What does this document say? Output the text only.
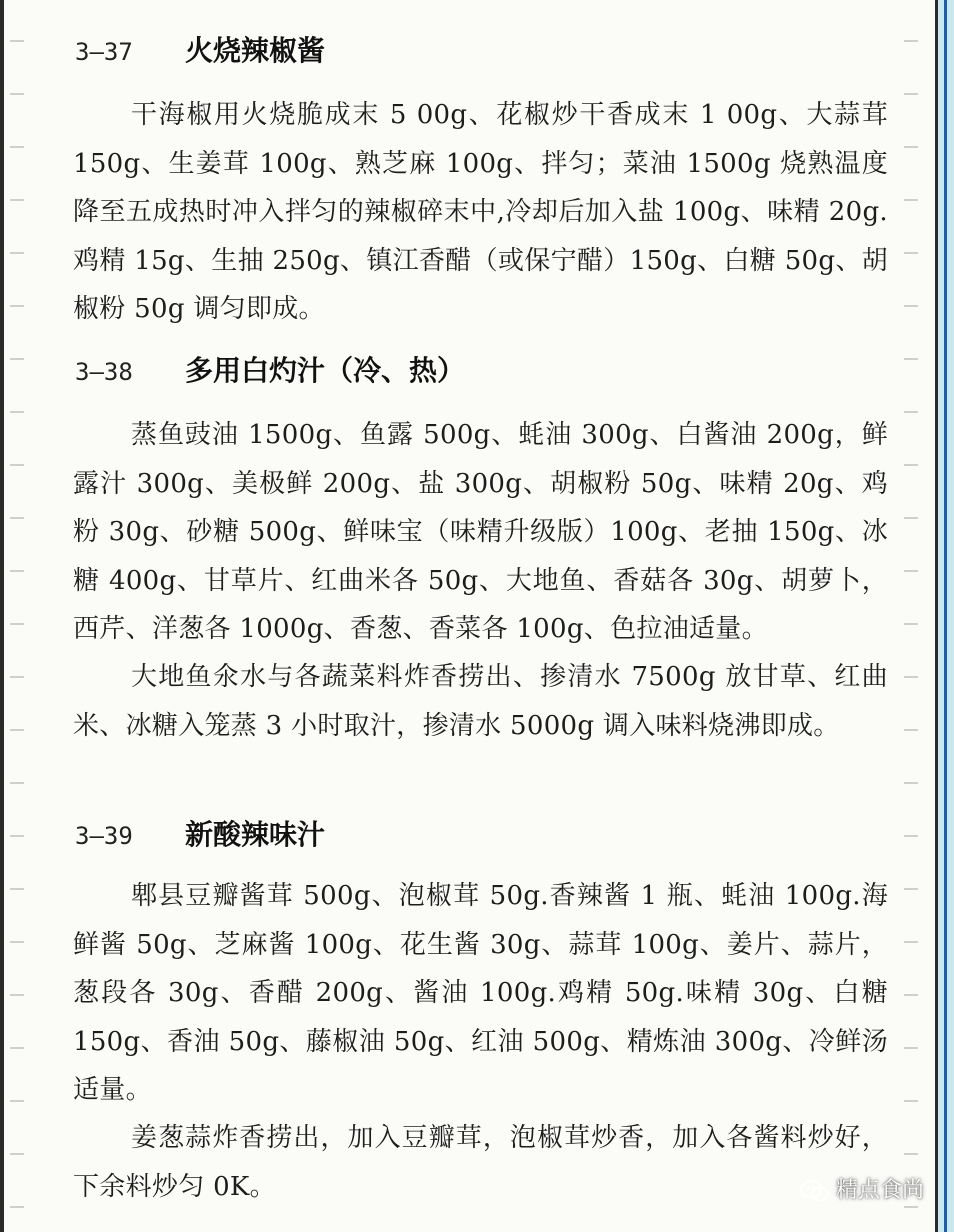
3—37 火烧辣椒酱

干海椒用火烧脆成末 5 00g、花椒炒干香成末 1 00g、大蒜茸 150g、生姜茸 100g、熟芝麻 100g、拌匀；菜油 1500g 烧熟温度降至五成热时冲入拌匀的辣椒碎末中,冷却后加入盐 100g、味精 20g.鸡精 15g、生抽 250g、镇江香醋（或保宁醋）150g、白糖 50g、胡椒粉 50g 调匀即成。

3—38 多用白灼汁（冷、热）

蒸鱼豉油 1500g、鱼露 500g、蚝油 300g、白酱油 200g，鲜露汁 300g、美极鲜 200g、盐 300g、胡椒粉 50g、味精 20g、鸡粉 30g、砂糖 500g、鲜味宝（味精升级版）100g、老抽 150g、冰糖 400g、甘草片、红曲米各 50g、大地鱼、香菇各 30g、胡萝卜，西芹、洋葱各 1000g、香葱、香菜各 100g、色拉油适量。

大地鱼氽水与各蔬菜料炸香捞出、掺清水 7500g 放甘草、红曲米、冰糖入笼蒸 3 小时取汁，掺清水 5000g 调入味料烧沸即成。

3—39 新酸辣味汁

郫县豆瓣酱茸 500g、泡椒茸 50g.香辣酱 1 瓶、蚝油 100g.海鲜酱 50g、芝麻酱 100g、花生酱 30g、蒜茸 100g、姜片、蒜片，葱段各 30g、香醋 200g、酱油 100g.鸡精 50g.味精 30g、白糖 150g、香油 50g、藤椒油 50g、红油 500g、精炼油 300g、冷鲜汤适量。

姜葱蒜炸香捞出，加入豆瓣茸，泡椒茸炒香，加入各酱料炒好，下余料炒匀 0K。	精点食尚
